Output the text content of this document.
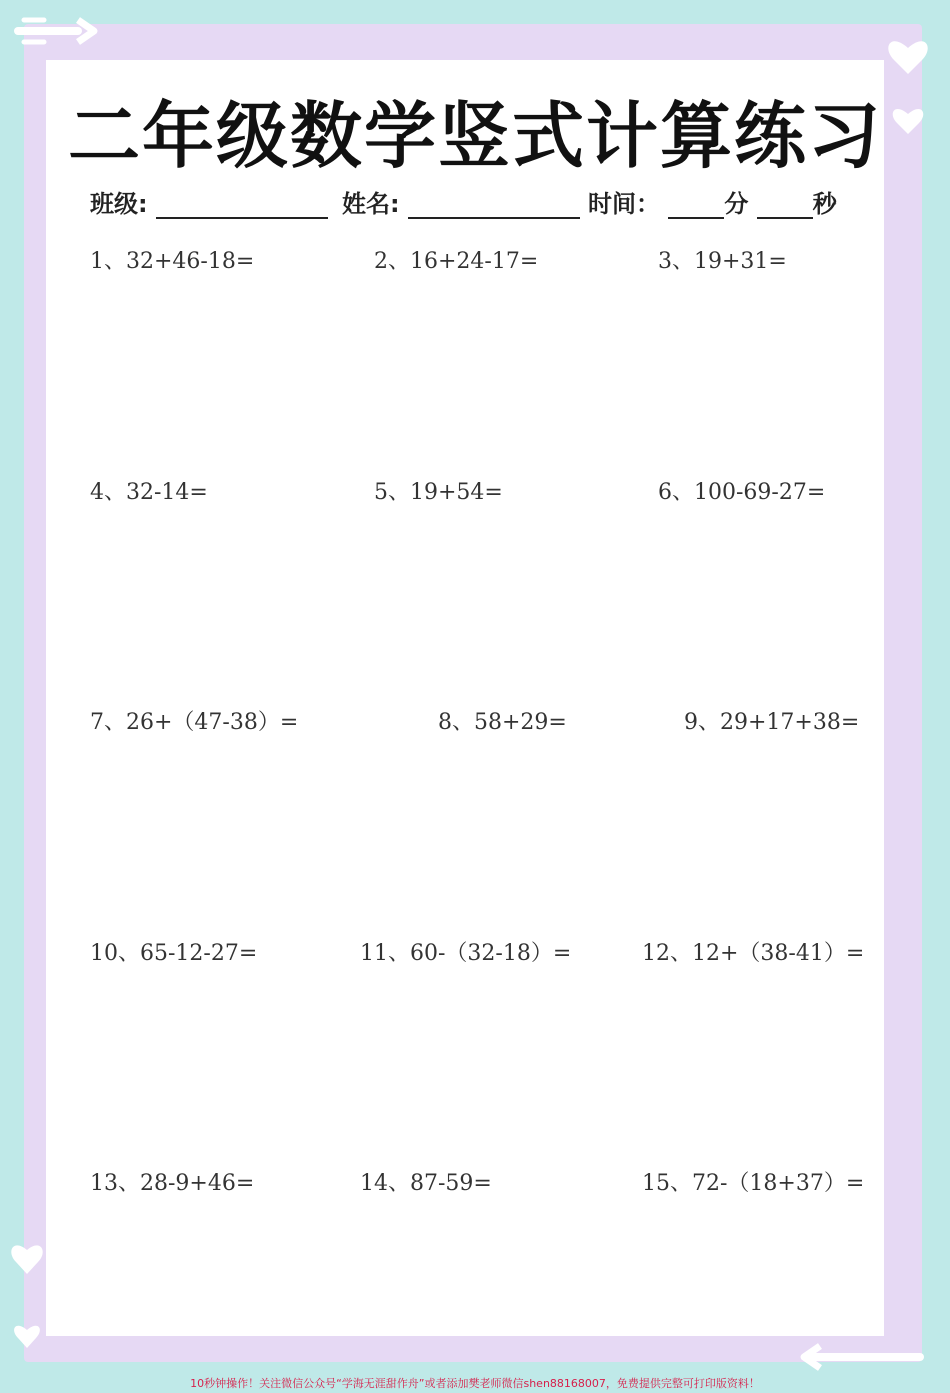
二年级数学竖式计算练习
班级:	姓名:	时间：	分	秒
1、32+46-18=	2、16+24-17=	3、19+31=
4、32-14=	5、19+54=	6、100-69-27=
7、26+（47-38）=	8、58+29=	9、29+17+38=
10、65-12-27=	11、60-（32-18）=	12、12+（38-41）=
13、28-9+46=	14、87-59=	15、72-（18+37）=
10秒钟操作！关注微信公众号“学海无涯甜作舟”或者添加樊老师微信shen88168007，免费提供完整可打印版资料！
